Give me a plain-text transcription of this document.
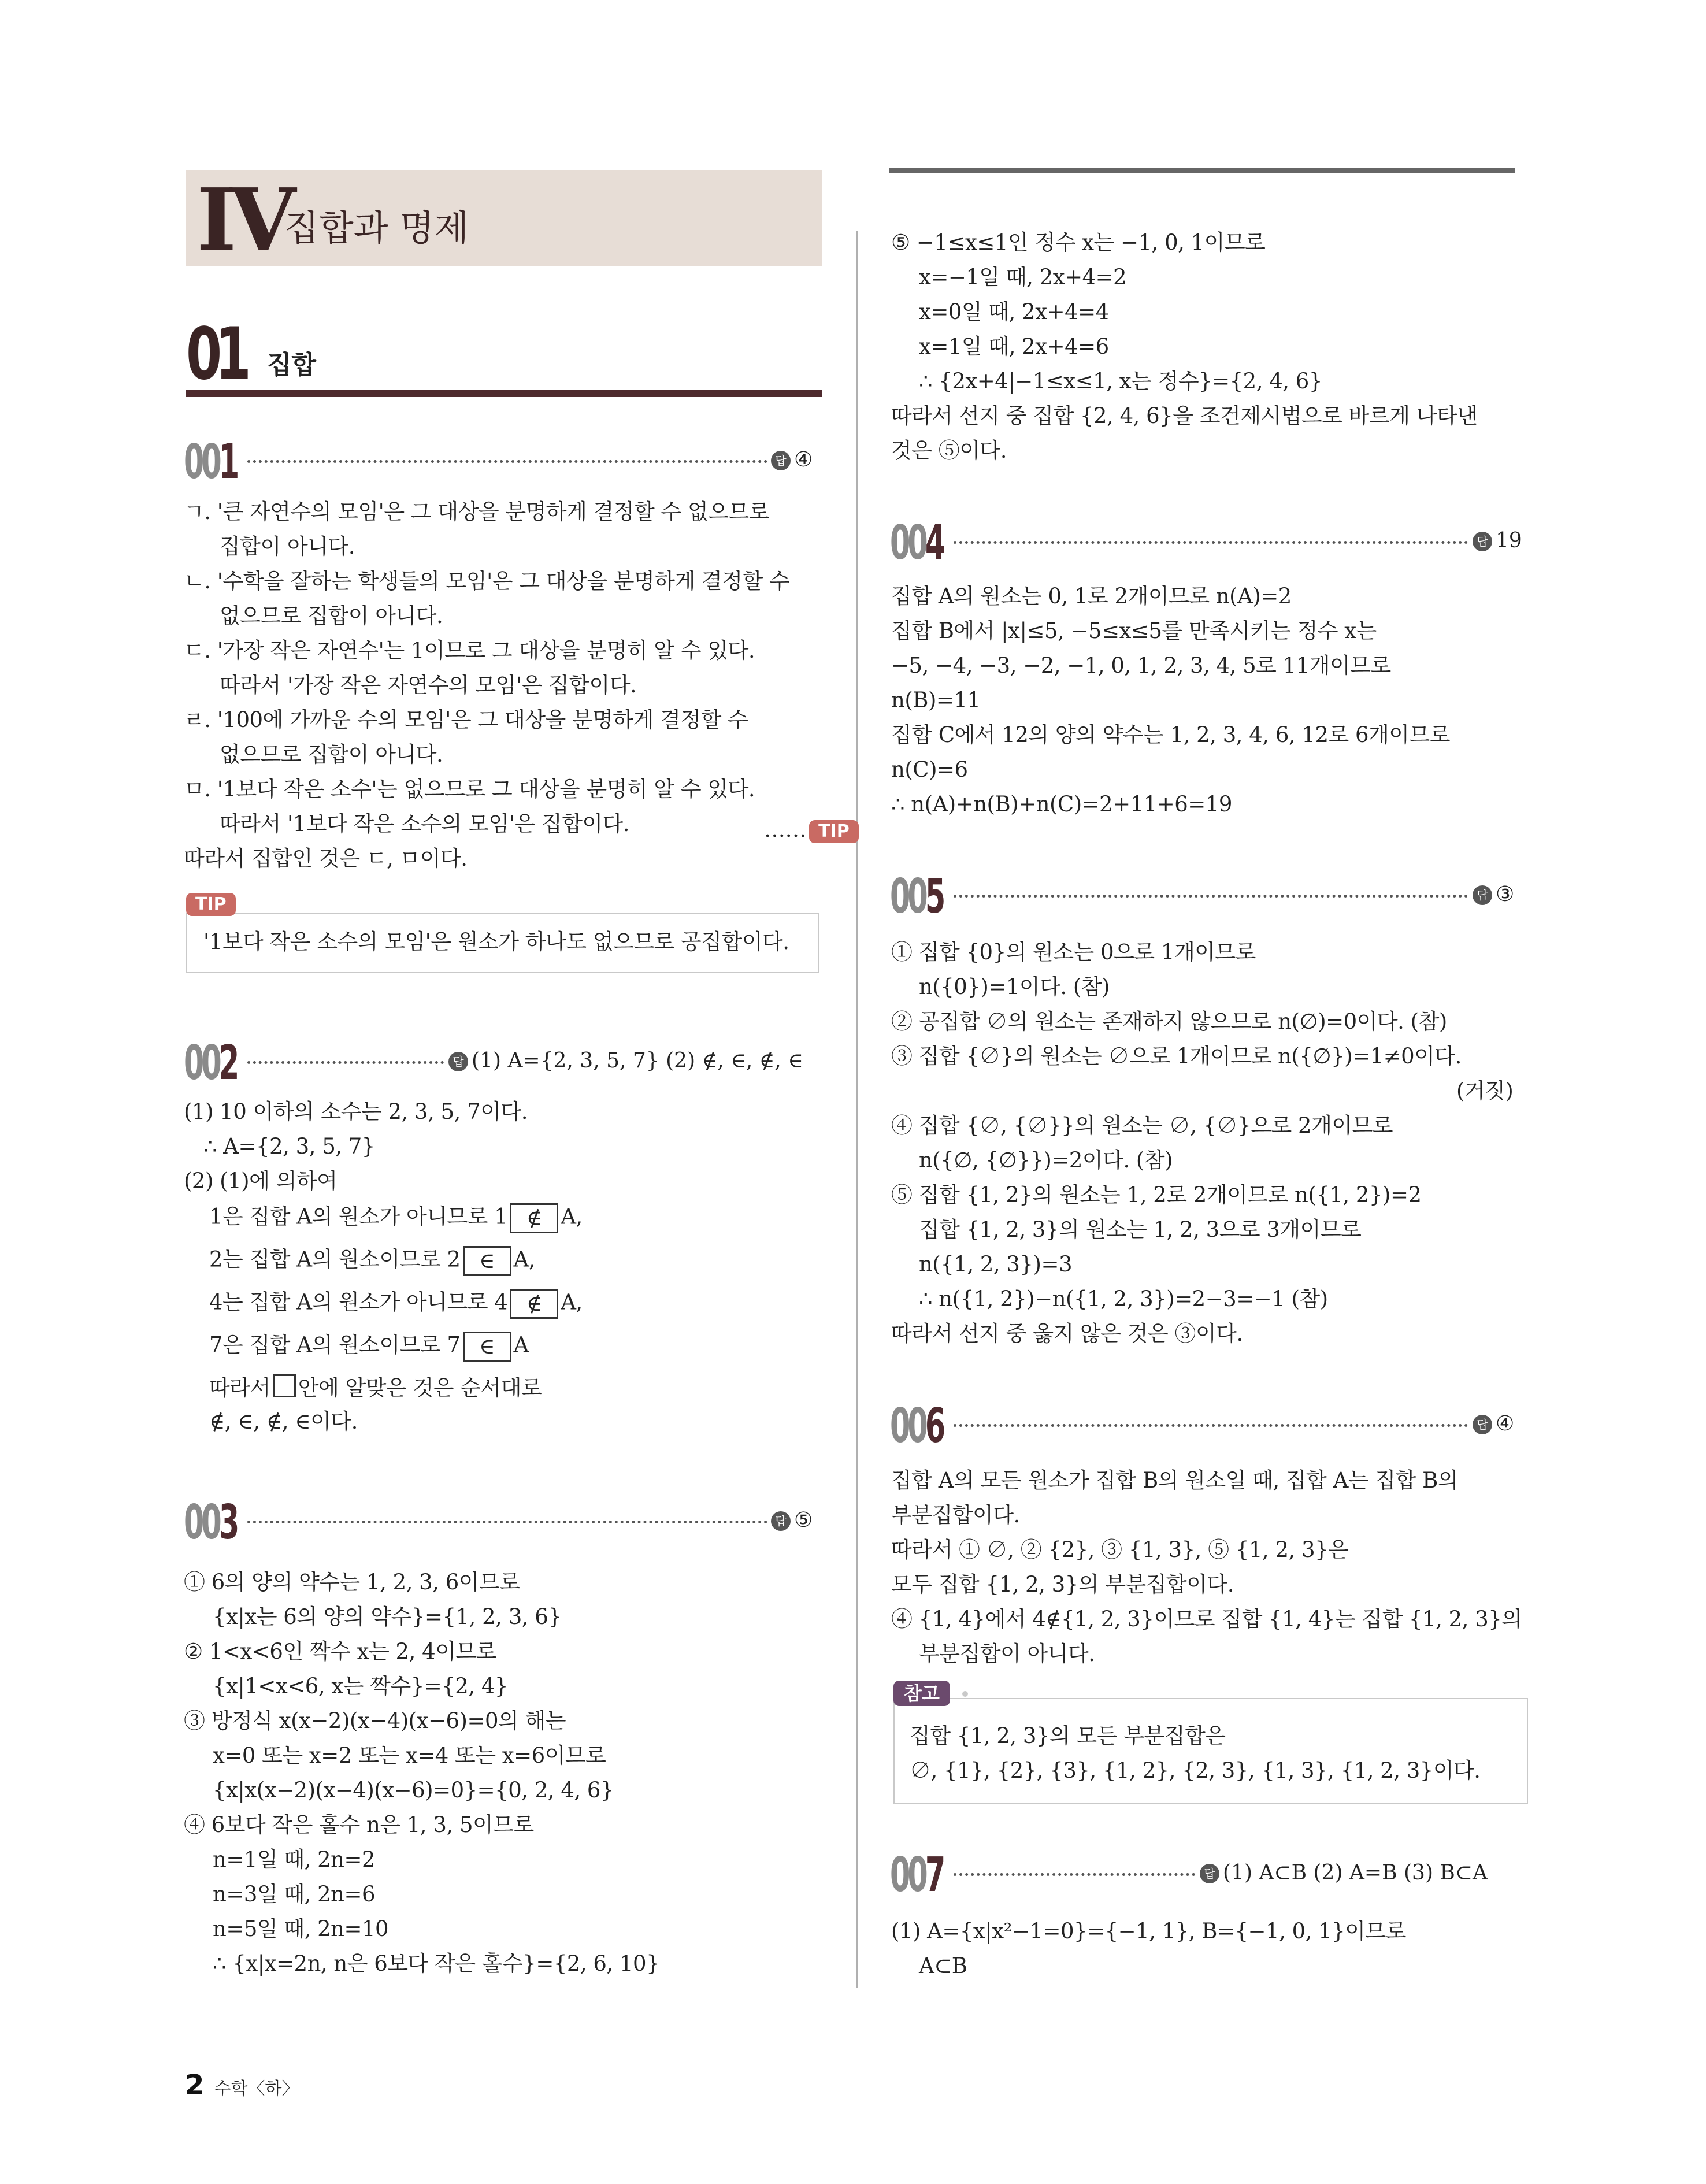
IV
집합과 명제
01 집합
001	답 ④
ㄱ. '큰 자연수의 모임'은 그 대상을 분명하게 결정할 수 없으므로
집합이 아니다.
ㄴ. '수학을 잘하는 학생들의 모임'은 그 대상을 분명하게 결정할 수
없으므로 집합이 아니다.
ㄷ. '가장 작은 자연수'는 1이므로 그 대상을 분명히 알 수 있다.
따라서 '가장 작은 자연수의 모임'은 집합이다.
ㄹ. '100에 가까운 수의 모임'은 그 대상을 분명하게 결정할 수
없으므로 집합이 아니다.
ㅁ. '1보다 작은 소수'는 없으므로 그 대상을 분명히 알 수 있다.
따라서 '1보다 작은 소수의 모임'은 집합이다.	…… TIP
따라서 집합인 것은 ㄷ, ㅁ이다.
'1보다 작은 소수의 모임'은 원소가 하나도 없으므로 공집합이다.
TIP
002	답 (1) A={2, 3, 5, 7} (2) ∉, ∈, ∉, ∈
(1) 10 이하의 소수는 2, 3, 5, 7이다.
∴ A={2, 3, 5, 7}
(2) (1)에 의하여
1은 집합 A의 원소가 아니므로 1 ∉ A,
2는 집합 A의 원소이므로 2 ∈ A,
4는 집합 A의 원소가 아니므로 4 ∉ A,
7은 집합 A의 원소이므로 7 ∈ A
따라서 안에 알맞은 것은 순서대로
∉, ∈, ∉, ∈이다.
003	답 ⑤
① 6의 양의 약수는 1, 2, 3, 6이므로
{x|x는 6의 양의 약수}={1, 2, 3, 6}
② 1<x<6인 짝수 x는 2, 4이므로
{x|1<x<6, x는 짝수}={2, 4}
③ 방정식 x(x−2)(x−4)(x−6)=0의 해는
x=0 또는 x=2 또는 x=4 또는 x=6이므로
{x|x(x−2)(x−4)(x−6)=0}={0, 2, 4, 6}
④ 6보다 작은 홀수 n은 1, 3, 5이므로
n=1일 때, 2n=2
n=3일 때, 2n=6
n=5일 때, 2n=10
∴ {x|x=2n, n은 6보다 작은 홀수}={2, 6, 10}
⑤ −1≤x≤1인 정수 x는 −1, 0, 1이므로
x=−1일 때, 2x+4=2
x=0일 때, 2x+4=4
x=1일 때, 2x+4=6
∴ {2x+4|−1≤x≤1, x는 정수}={2, 4, 6}
따라서 선지 중 집합 {2, 4, 6}을 조건제시법으로 바르게 나타낸
것은 ⑤이다.
004	답 19
집합 A의 원소는 0, 1로 2개이므로 n(A)=2
집합 B에서 |x|≤5, −5≤x≤5를 만족시키는 정수 x는
−5, −4, −3, −2, −1, 0, 1, 2, 3, 4, 5로 11개이므로
n(B)=11
집합 C에서 12의 양의 약수는 1, 2, 3, 4, 6, 12로 6개이므로
n(C)=6
∴ n(A)+n(B)+n(C)=2+11+6=19
005	답 ③
① 집합 {0}의 원소는 0으로 1개이므로
n({0})=1이다. (참)
② 공집합 ∅의 원소는 존재하지 않으므로 n(∅)=0이다. (참)
③ 집합 {∅}의 원소는 ∅으로 1개이므로 n({∅})=1≠0이다.
(거짓)
④ 집합 {∅, {∅}}의 원소는 ∅, {∅}으로 2개이므로
n({∅, {∅}})=2이다. (참)
⑤ 집합 {1, 2}의 원소는 1, 2로 2개이므로 n({1, 2})=2
집합 {1, 2, 3}의 원소는 1, 2, 3으로 3개이므로
n({1, 2, 3})=3
∴ n({1, 2})−n({1, 2, 3})=2−3=−1 (참)
따라서 선지 중 옳지 않은 것은 ③이다.
006	답 ④
집합 A의 모든 원소가 집합 B의 원소일 때, 집합 A는 집합 B의
부분집합이다.
따라서 ① ∅, ② {2}, ③ {1, 3}, ⑤ {1, 2, 3}은
모두 집합 {1, 2, 3}의 부분집합이다.
④ {1, 4}에서 4∉{1, 2, 3}이므로 집합 {1, 4}는 집합 {1, 2, 3}의
부분집합이 아니다.
집합 {1, 2, 3}의 모든 부분집합은
∅, {1}, {2}, {3}, {1, 2}, {2, 3}, {1, 3}, {1, 2, 3}이다.
참고
007	답 (1) A⊂B (2) A=B (3) B⊂A
(1) A={x|x²−1=0}={−1, 1}, B={−1, 0, 1}이므로
A⊂B
2 수학〈하〉
